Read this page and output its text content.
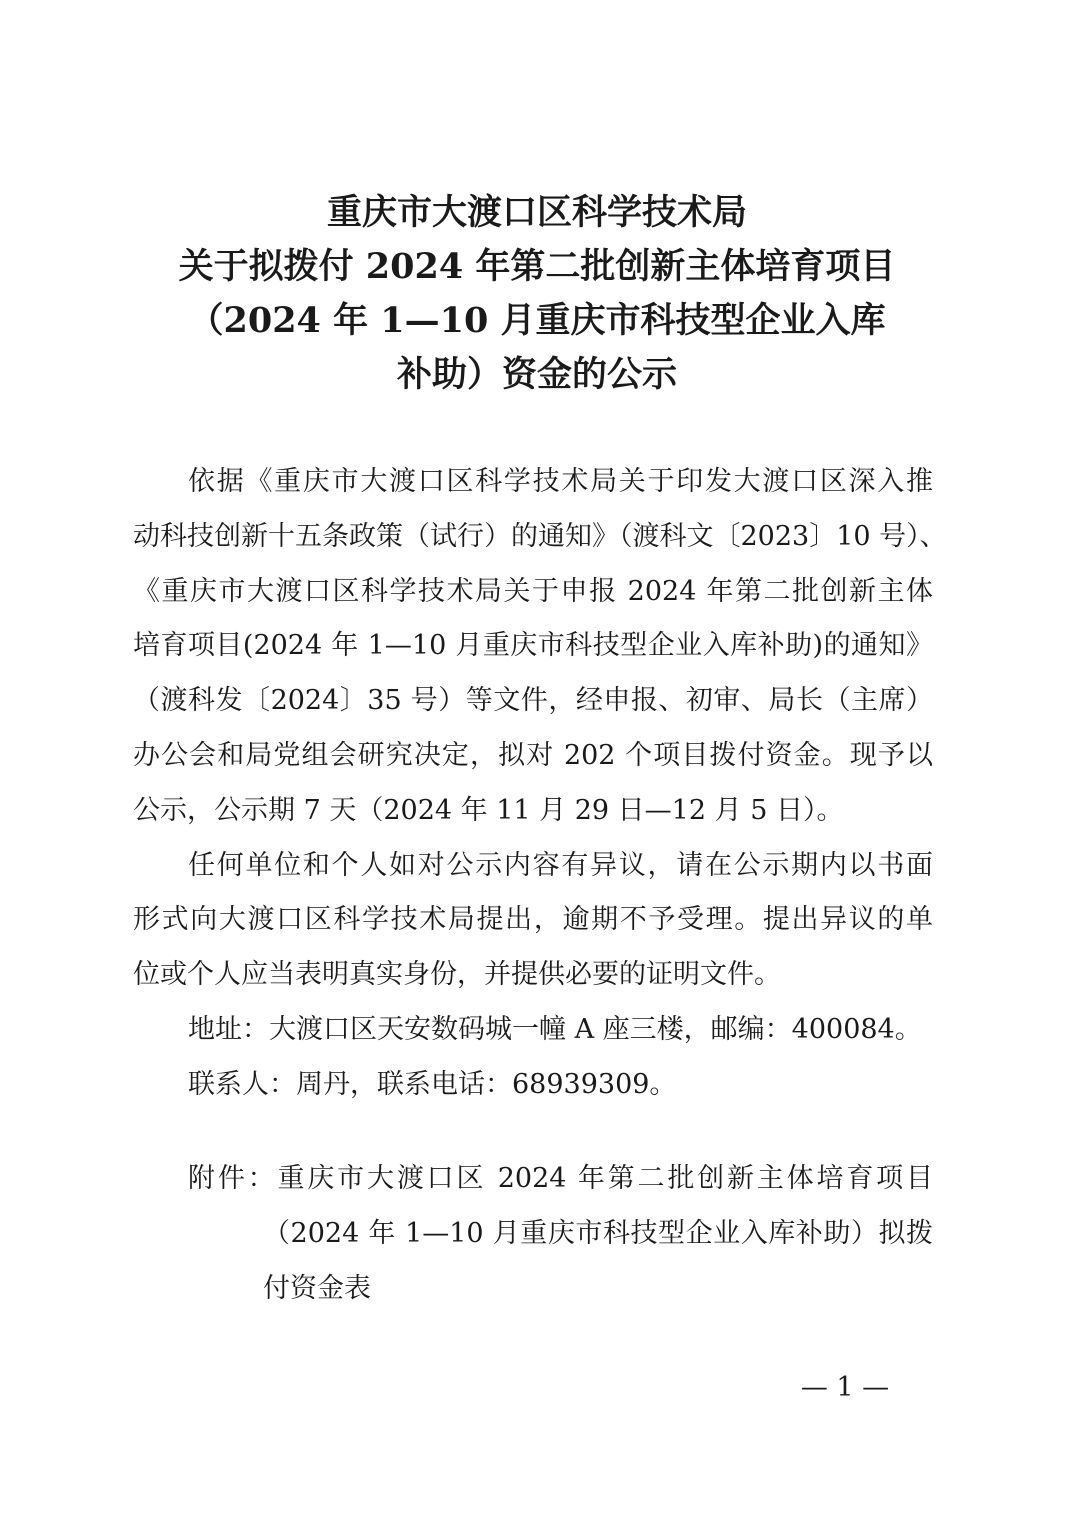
重庆市大渡口区科学技术局
关于拟拨付 2024 年第二批创新主体培育项目
（2024 年 1—10 月重庆市科技型企业入库
补助）资金的公示
依据《重庆市大渡口区科学技术局关于印发大渡口区深入推
动科技创新十五条政策（试行）的通知》（渡科文〔2023〕10 号）、
《重庆市大渡口区科学技术局关于申报 2024 年第二批创新主体
培育项目(2024 年 1—10 月重庆市科技型企业入库补助)的通知》
（渡科发〔2024〕35 号）等文件，经申报、初审、局长（主席）
办公会和局党组会研究决定，拟对 202 个项目拨付资金。现予以
公示，公示期 7 天（2024 年 11 月 29 日—12 月 5 日）。
任何单位和个人如对公示内容有异议，请在公示期内以书面
形式向大渡口区科学技术局提出，逾期不予受理。提出异议的单
位或个人应当表明真实身份，并提供必要的证明文件。
地址：大渡口区天安数码城一幢 A 座三楼，邮编：400084。
联系人：周丹，联系电话：68939309。
附件：重庆市大渡口区 2024 年第二批创新主体培育项目
（2024 年 1—10 月重庆市科技型企业入库补助）拟拨
付资金表
— 1 —
